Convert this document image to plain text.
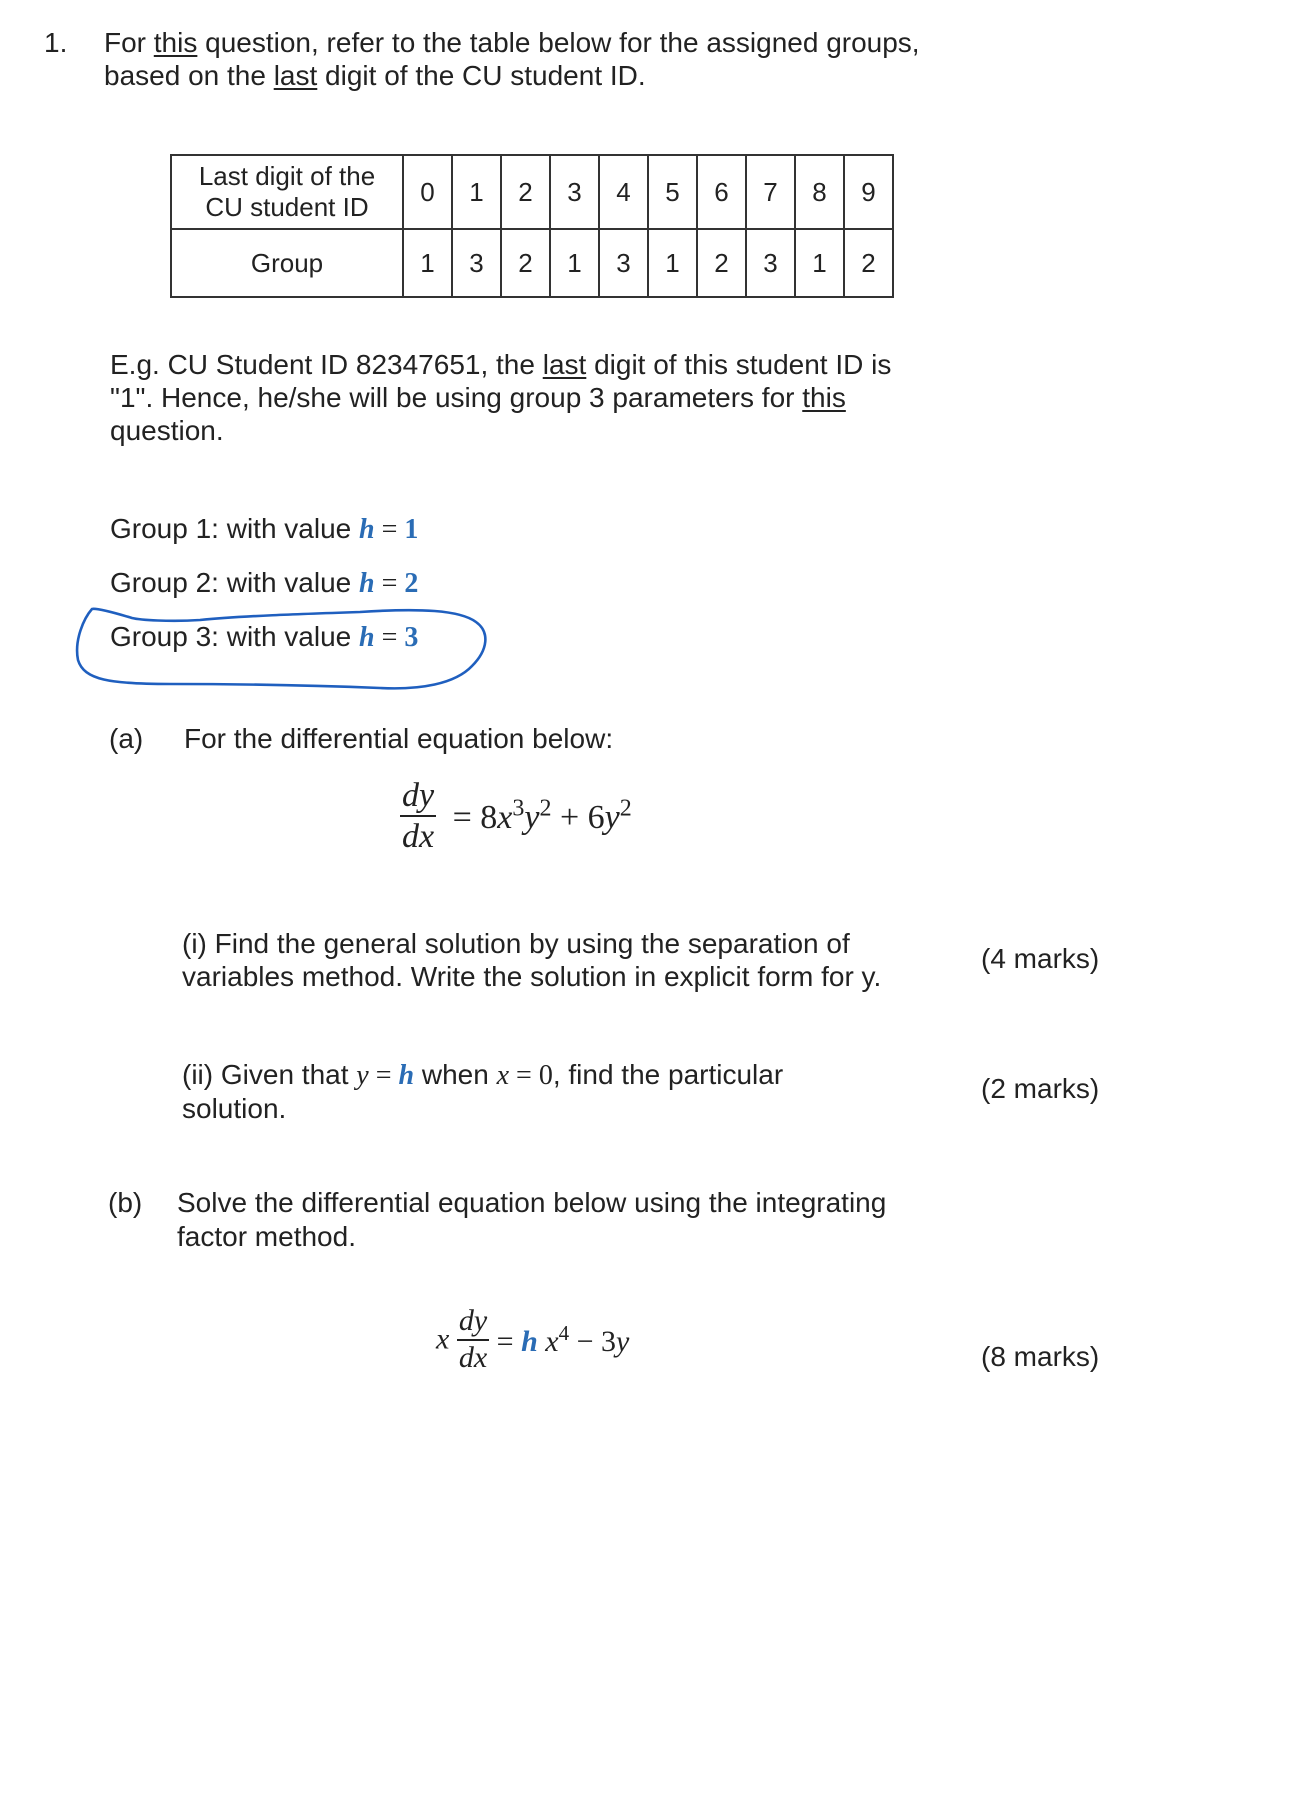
1. For this question, refer to the table below for the assigned groups,
based on the last digit of the CU student ID.
Last digit of the
CU student ID	0	1	2	3	4	5	6	7	8	9
Group	1	3	2	1	3	1	2	3	1	2
E.g. CU Student ID 82347651, the last digit of this student ID is
"1". Hence, he/she will be using group 3 parameters for this
question.
Group 1: with value h = 1
Group 2: with value h = 2
Group 3: with value h = 3
(a) For the differential equation below:
$\frac{dy}{dx} = 8x^3y^2 + 6y^2$
(i) Find the general solution by using the separation of
variables method. Write the solution in explicit form for y.
(4 marks)
(ii) Given that y = h when x = 0, find the particular
solution.
(2 marks)
(b) Solve the differential equation below using the integrating
factor method.
x $\frac{dy}{dx} = h$ $x^4 - 3y$	(8 marks)
